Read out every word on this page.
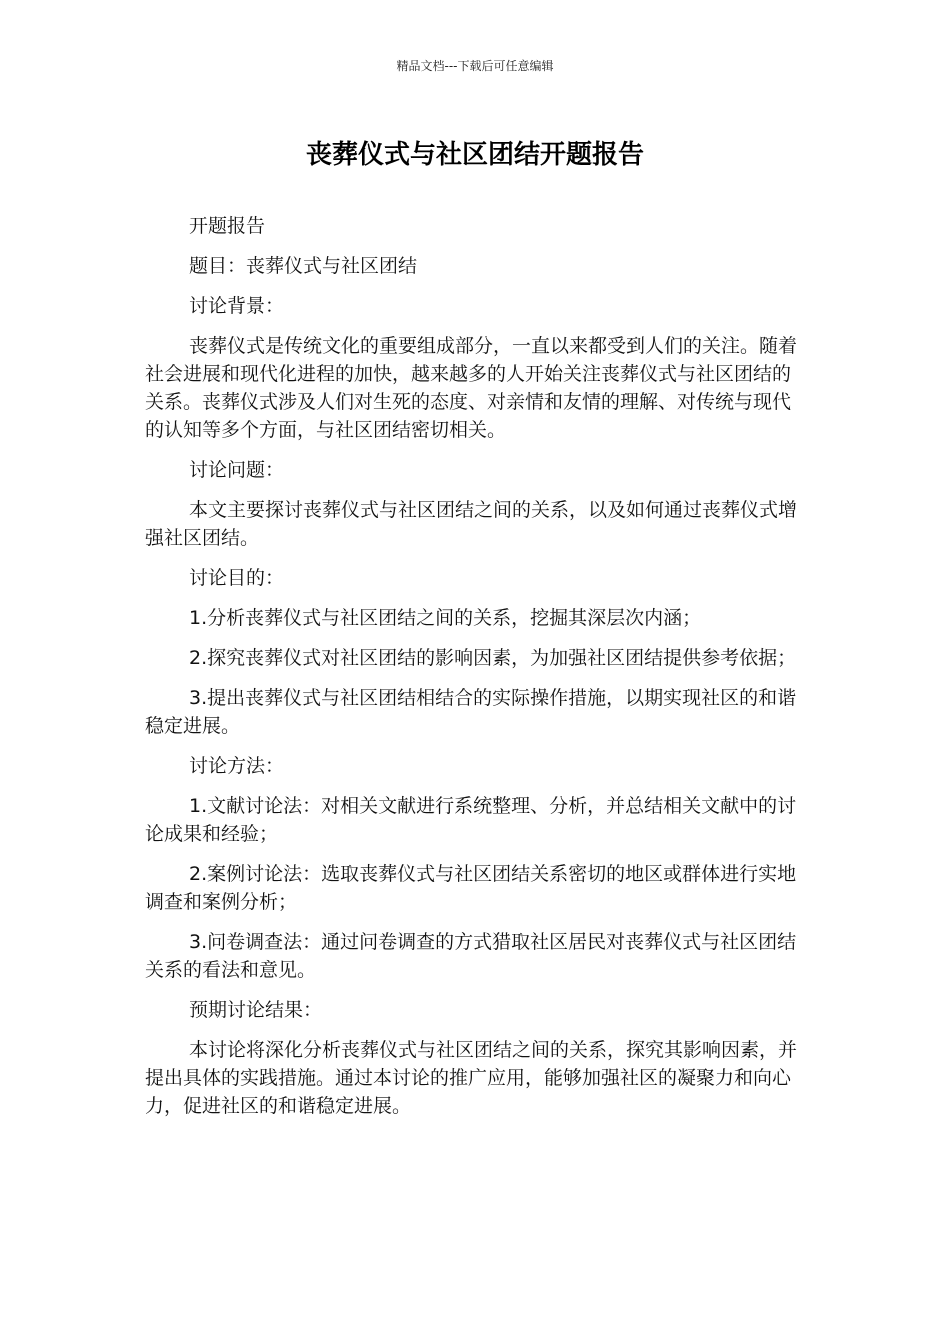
精品文档---下载后可任意编辑
丧葬仪式与社区团结开题报告

开题报告

题目：丧葬仪式与社区团结

讨论背景：

丧葬仪式是传统文化的重要组成部分，一直以来都受到人们的关注。随着社会进展和现代化进程的加快，越来越多的人开始关注丧葬仪式与社区团结的关系。丧葬仪式涉及人们对生死的态度、对亲情和友情的理解、对传统与现代的认知等多个方面，与社区团结密切相关。

讨论问题：

本文主要探讨丧葬仪式与社区团结之间的关系，以及如何通过丧葬仪式增强社区团结。

讨论目的：

1.分析丧葬仪式与社区团结之间的关系，挖掘其深层次内涵；

2.探究丧葬仪式对社区团结的影响因素，为加强社区团结提供参考依据；

3.提出丧葬仪式与社区团结相结合的实际操作措施，以期实现社区的和谐稳定进展。

讨论方法：

1.文献讨论法：对相关文献进行系统整理、分析，并总结相关文献中的讨论成果和经验；

2.案例讨论法：选取丧葬仪式与社区团结关系密切的地区或群体进行实地调查和案例分析；

3.问卷调查法：通过问卷调查的方式猎取社区居民对丧葬仪式与社区团结关系的看法和意见。

预期讨论结果：

本讨论将深化分析丧葬仪式与社区团结之间的关系，探究其影响因素，并提出具体的实践措施。通过本讨论的推广应用，能够加强社区的凝聚力和向心力，促进社区的和谐稳定进展。
